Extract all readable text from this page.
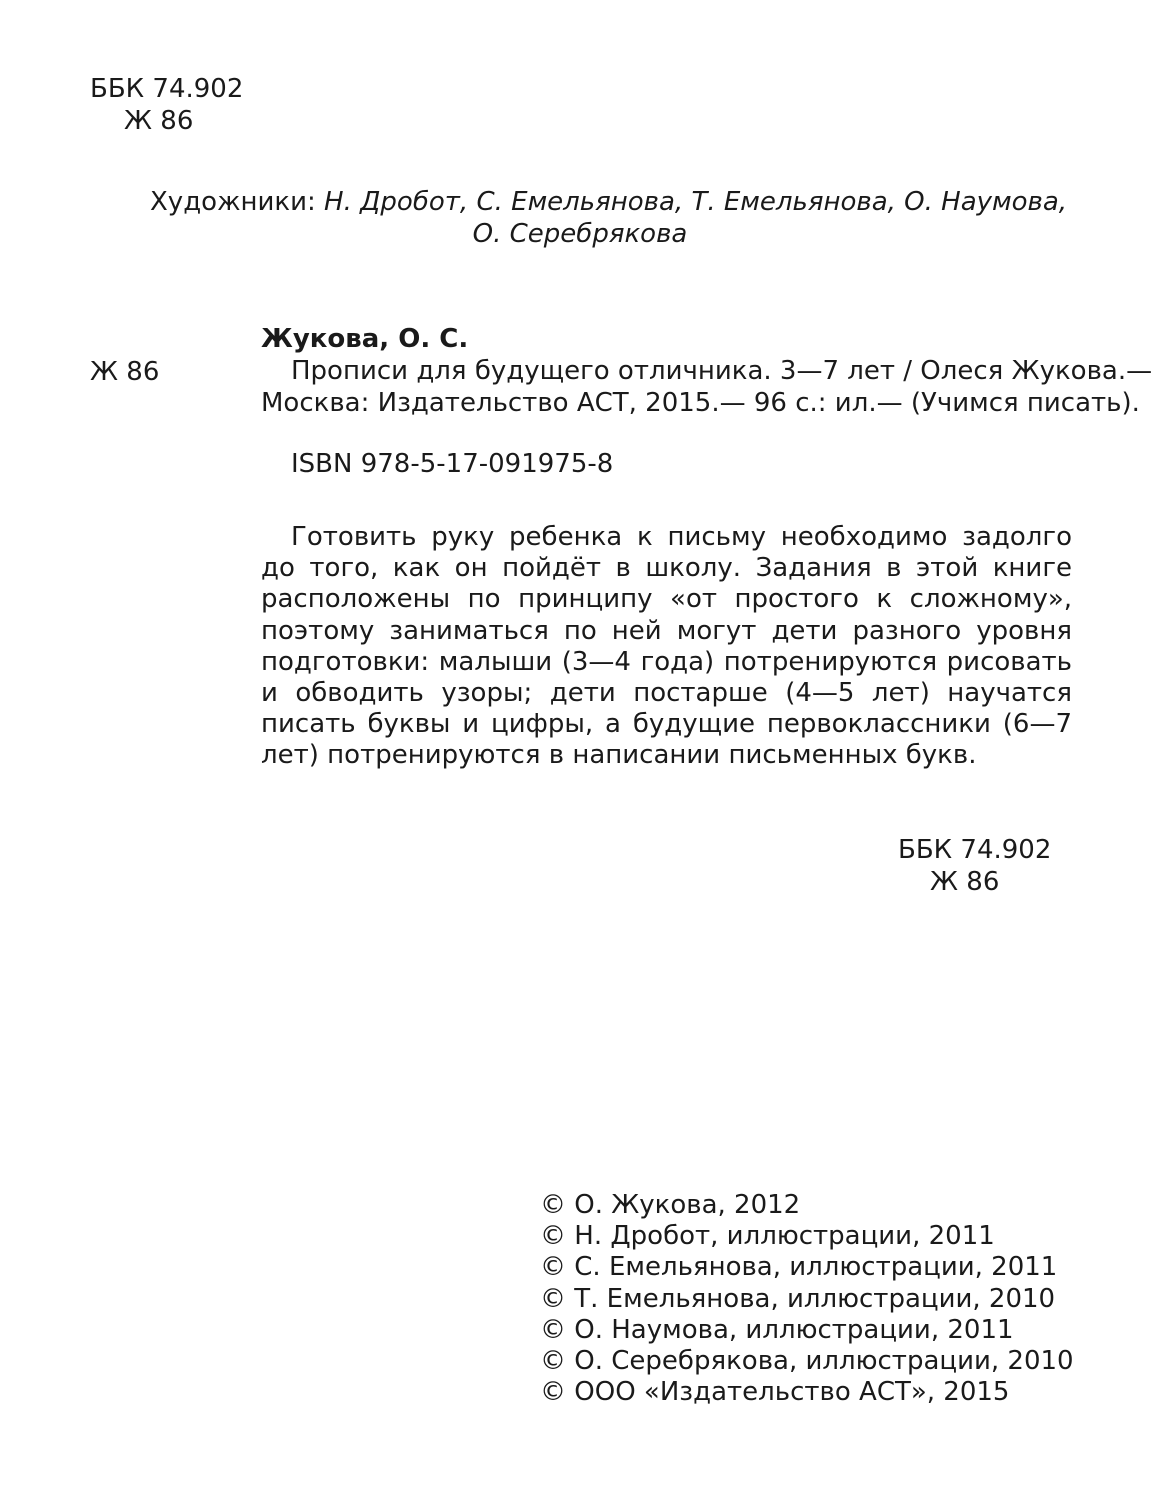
ББК 74.902
Ж 86
Художники: Н. Дробот, С. Емельянова, Т. Емельянова, О. Наумова,
О. Серебрякова
Жукова, О. С.
Ж 86	Прописи для будущего отличника. 3—7 лет / Олеся Жукова.—
Москва: Издательство АСТ, 2015.— 96 с.: ил.— (Учимся писать).
ISBN 978-5-17-091975-8
Готовить руку ребенка к письму необходимо задолго до того, как он пойдёт в школу. Задания в этой книге расположены по принципу «от простого к сложному», поэтому заниматься по ней могут дети разного уровня подготовки: малыши (3—4 года) потренируются рисовать и обводить узоры; дети постарше (4—5 лет) научатся писать буквы и цифры, а будущие первоклассники (6—7 лет) потренируются в написании письменных букв.
ББК 74.902
Ж 86
© О. Жукова, 2012
© Н. Дробот, иллюстрации, 2011
© С. Емельянова, иллюстрации, 2011
© Т. Емельянова, иллюстрации, 2010
© О. Наумова, иллюстрации, 2011
© О. Серебрякова, иллюстрации, 2010
© ООО «Издательство АСТ», 2015
